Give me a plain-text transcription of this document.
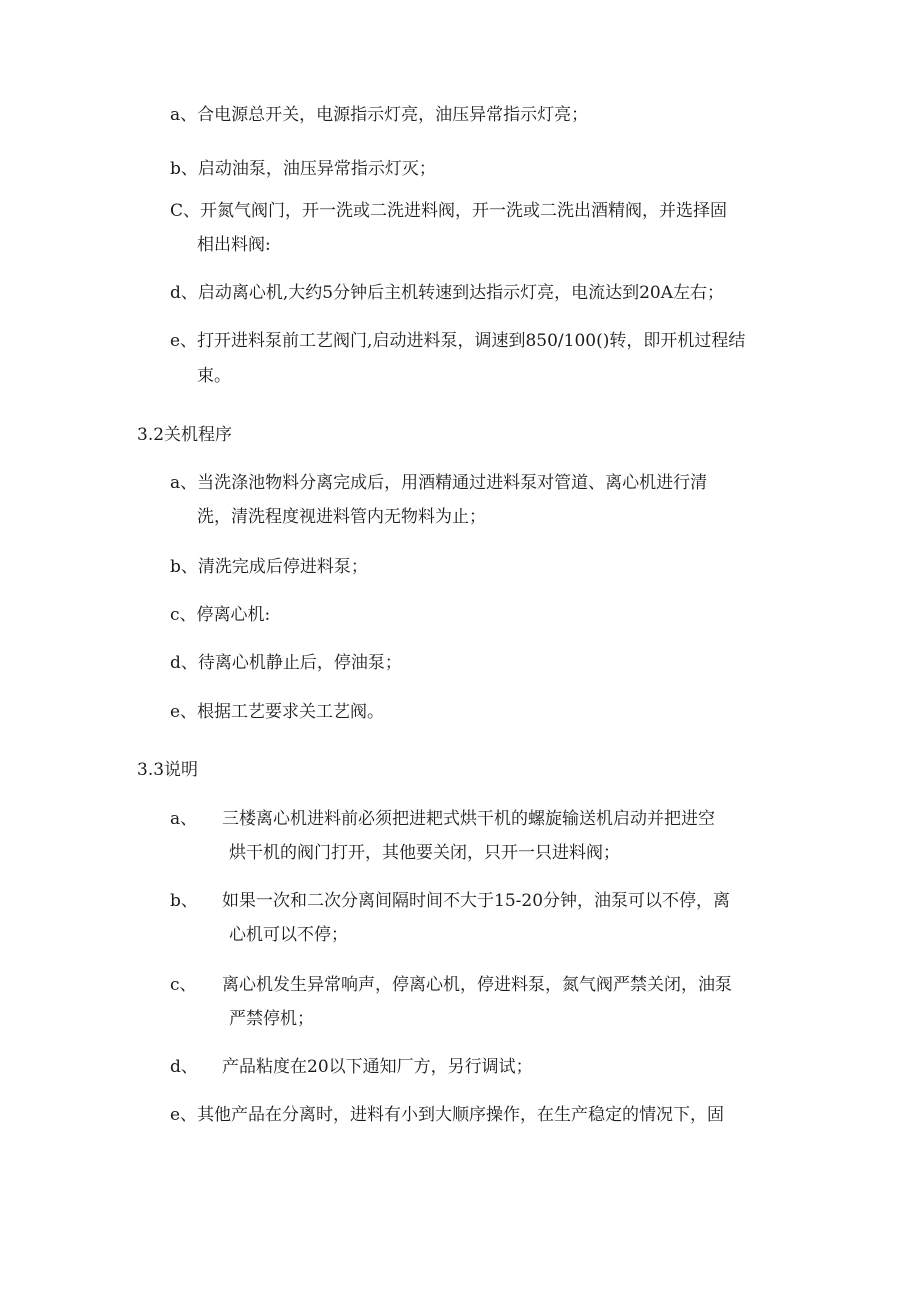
a、合电源总开关，电源指示灯亮，油压异常指示灯亮；
b、启动油泵，油压异常指示灯灭；
C、开氮气阀门，开一洗或二洗进料阀，开一洗或二洗出酒精阀，并选择固
相出料阀:
d、启动离心机,大约5分钟后主机转速到达指示灯亮，电流达到20A左右；
e、打开进料泵前工艺阀门,启动进料泵，调速到850/100()转，即开机过程结
束。
3.2关机程序
a、当洗涤池物料分离完成后，用酒精通过进料泵对管道、离心机进行清
洗，清洗程度视进料管内无物料为止；
b、清洗完成后停进料泵；
c、停离心机:
d、待离心机静止后，停油泵；
e、根据工艺要求关工艺阀。
3.3说明
a、 三楼离心机进料前必须把进耙式烘干机的螺旋输送机启动并把进空
烘干机的阀门打开，其他要关闭，只开一只进料阀；
b、 如果一次和二次分离间隔时间不大于15-20分钟，油泵可以不停，离
心机可以不停；
c、 离心机发生异常响声，停离心机，停进料泵，氮气阀严禁关闭，油泵
严禁停机；
d、 产品粘度在20以下通知厂方，另行调试；
e、其他产品在分离时，进料有小到大顺序操作，在生产稳定的情况下，固
